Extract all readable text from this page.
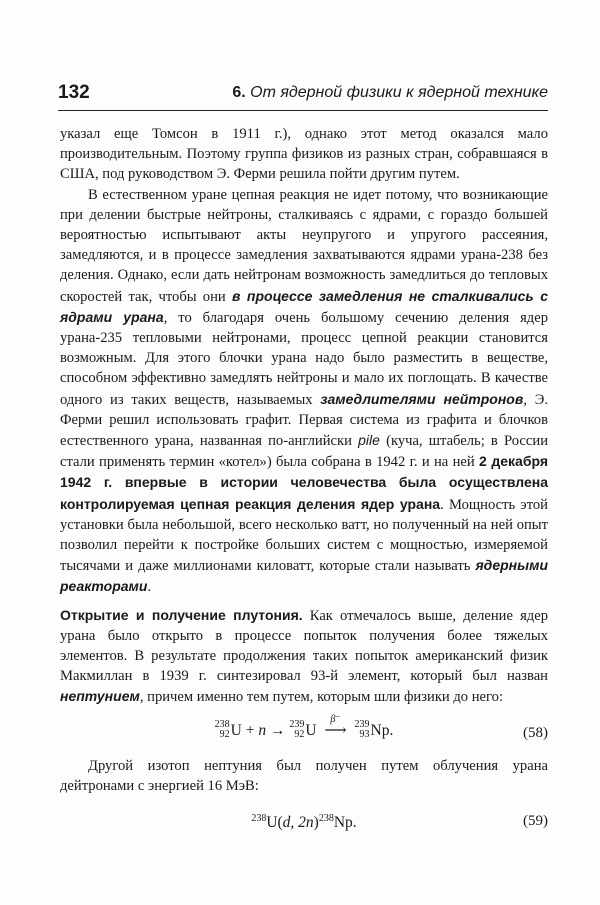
132	6. От ядерной физики к ядерной технике

указал еще Томсон в 1911 г.), однако этот метод оказался мало производительным. Поэтому группа физиков из разных стран, собравшаяся в США, под руководством Э. Ферми решила пойти другим путем.

В естественном уране цепная реакция не идет потому, что возникающие при делении быстрые нейтроны, сталкиваясь с ядрами, с гораздо большей вероятностью испытывают акты неупругого и упругого рассеяния, замедляются, и в процессе замедления захватываются ядрами урана-238 без деления. Однако, если дать нейтронам возможность замедлиться до тепловых скоростей так, чтобы они в процессе замедления не сталкивались с ядрами урана, то благодаря очень большому сечению деления ядер урана-235 тепловыми нейтронами, процесс цепной реакции становится возможным. Для этого блочки урана надо было разместить в веществе, способном эффективно замедлять нейтроны и мало их поглощать. В качестве одного из таких веществ, называемых замедлителями нейтронов, Э. Ферми решил использовать графит. Первая система из графита и блочков естественного урана, названная по-английски pile (куча, штабель; в России стали применять термин «котел») была собрана в 1942 г. и на ней 2 декабря 1942 г. впервые в истории человечества была осуществлена контролируемая цепная реакция деления ядер урана. Мощность этой установки была небольшой, всего несколько ватт, но полученный на ней опыт позволил перейти к постройке больших систем с мощностью, измеряемой тысячами и даже миллионами киловатт, которые стали называть ядерными реакторами.

Открытие и получение плутония. Как отмечалось выше, деление ядер урана было открыто в процессе попыток получения более тяжелых элементов. В результате продолжения таких попыток американский физик Макмиллан в 1939 г. синтезировал 93-й элемент, который был назван нептунием, причем именно тем путем, которым шли физики до него:

238
92 U + n → 239
92 U
β⁻
⟶ 239
93 Np.	(58)

Другой изотоп нептуния был получен путем облучения урана дейтронами с энергией 16 МэВ:

$^{238}$U(d, 2n)$^{238}$Np.	(59)
